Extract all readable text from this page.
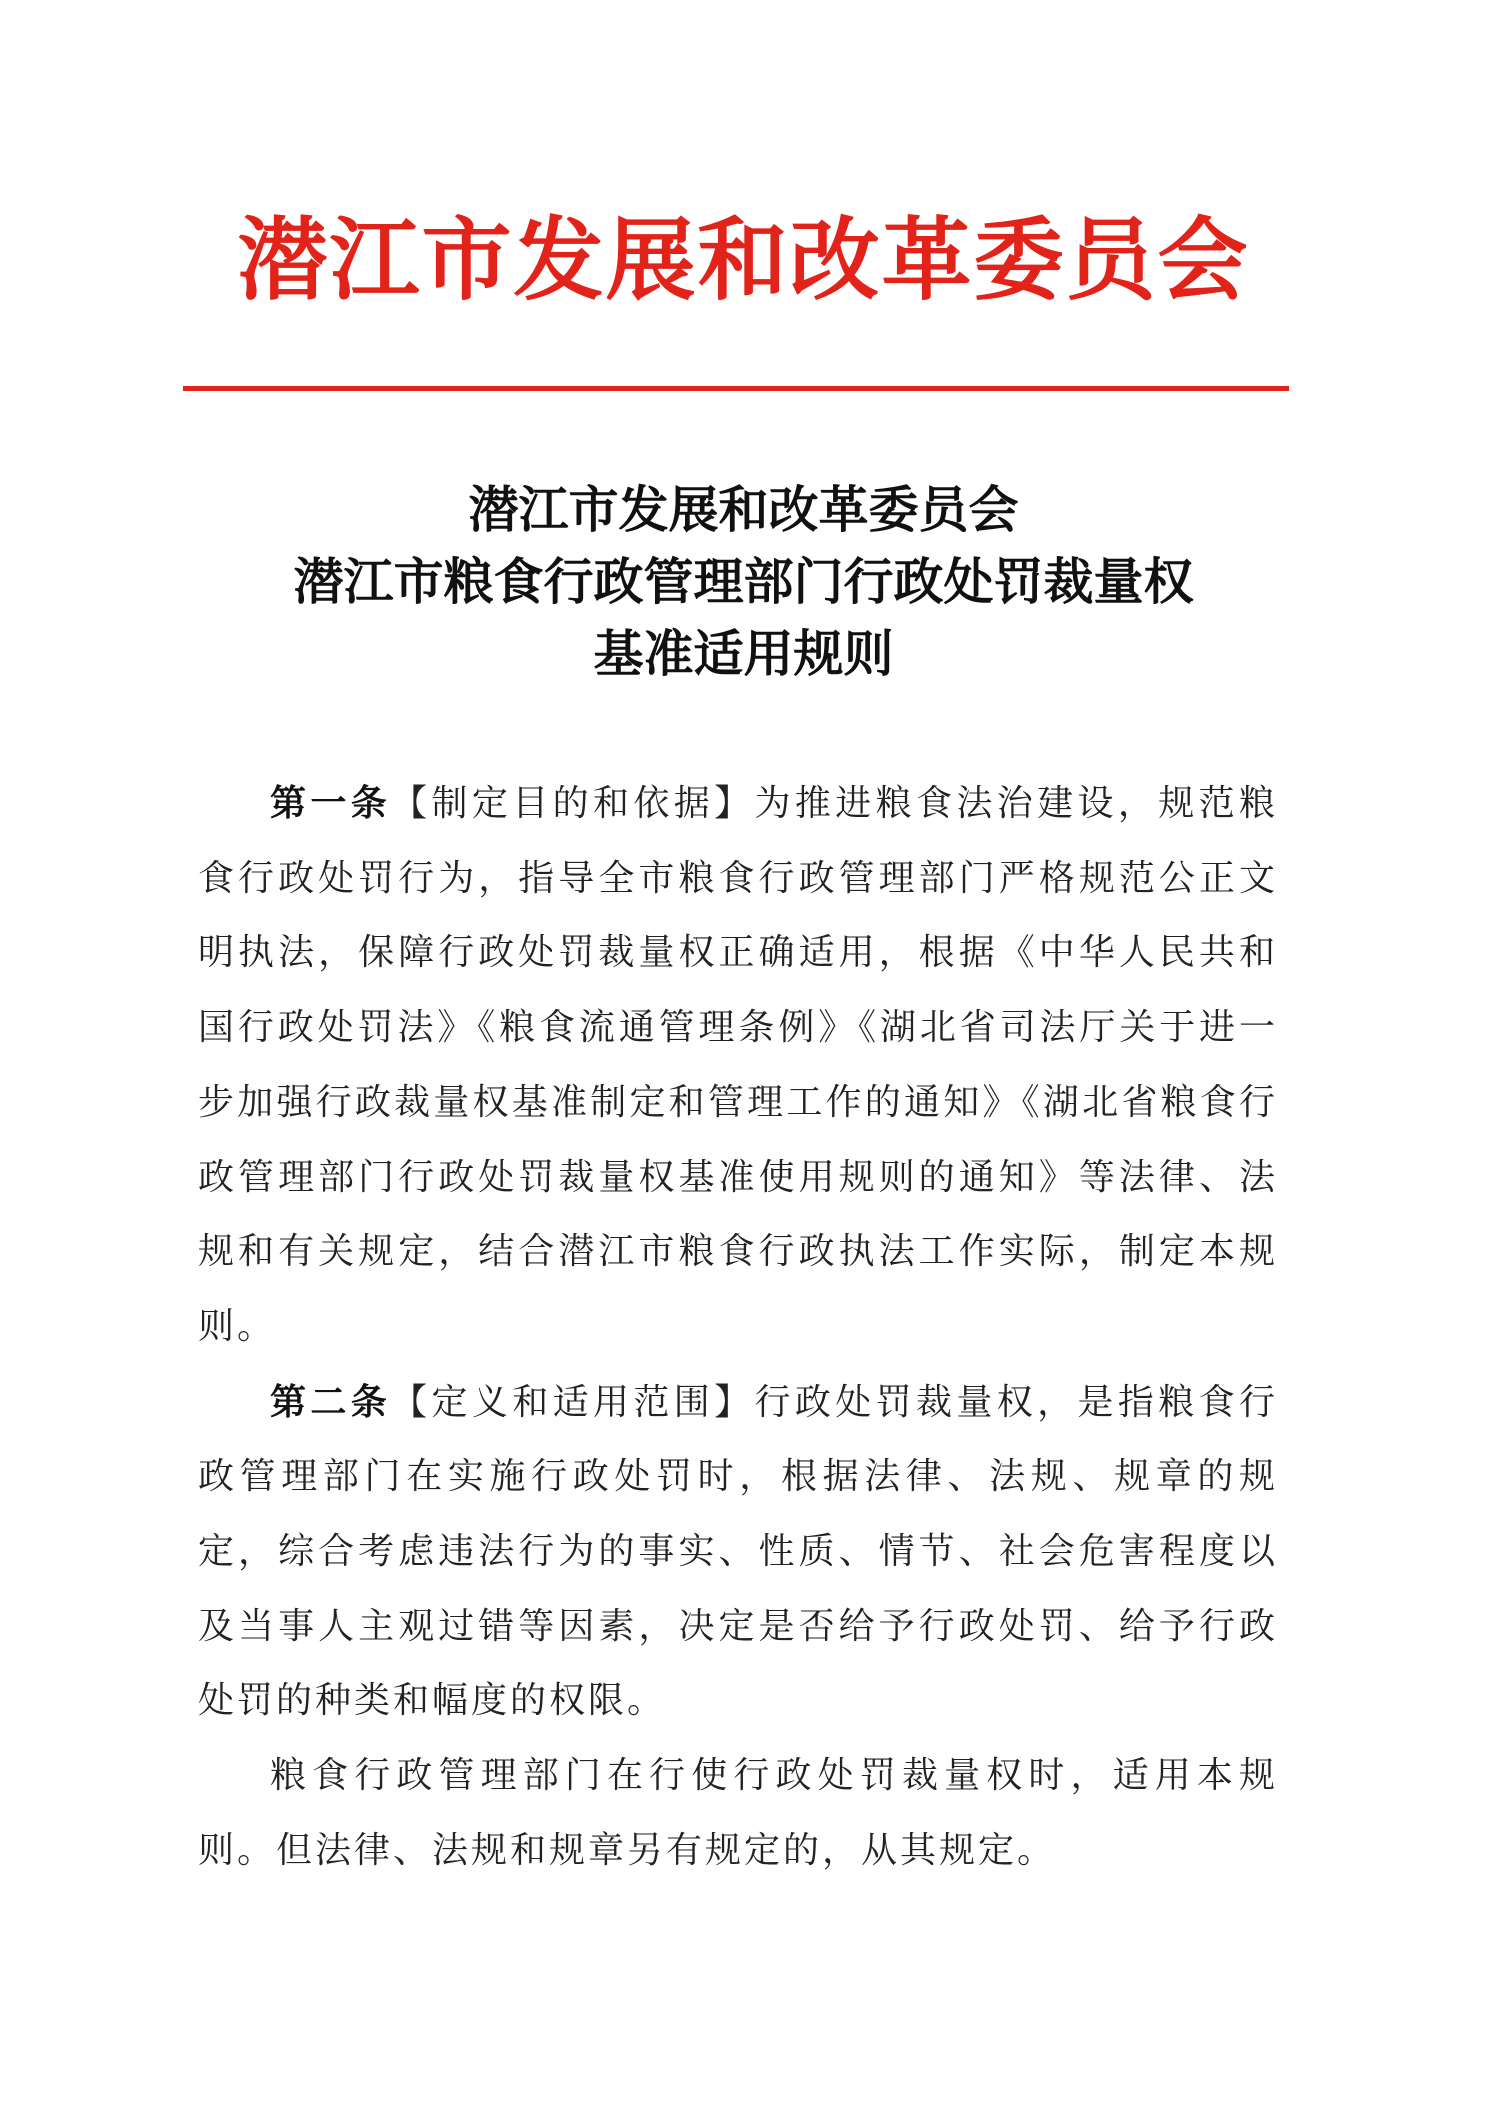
潜江市发展和改革委员会
潜江市发展和改革委员会
潜江市粮食行政管理部门行政处罚裁量权
基准适用规则

第一条【制定目的和依据】为推进粮食法治建设，规范粮食行政处罚行为，指导全市粮食行政管理部门严格规范公正文明执法，保障行政处罚裁量权正确适用，根据《中华人民共和国行政处罚法》《粮食流通管理条例》《湖北省司法厅关于进一步加强行政裁量权基准制定和管理工作的通知》《湖北省粮食行政管理部门行政处罚裁量权基准使用规则的通知》等法律、法规和有关规定，结合潜江市粮食行政执法工作实际，制定本规则。

第二条【定义和适用范围】行政处罚裁量权，是指粮食行政管理部门在实施行政处罚时，根据法律、法规、规章的规定，综合考虑违法行为的事实、性质、情节、社会危害程度以及当事人主观过错等因素，决定是否给予行政处罚、给予行政处罚的种类和幅度的权限。

粮食行政管理部门在行使行政处罚裁量权时，适用本规则。但法律、法规和规章另有规定的，从其规定。
